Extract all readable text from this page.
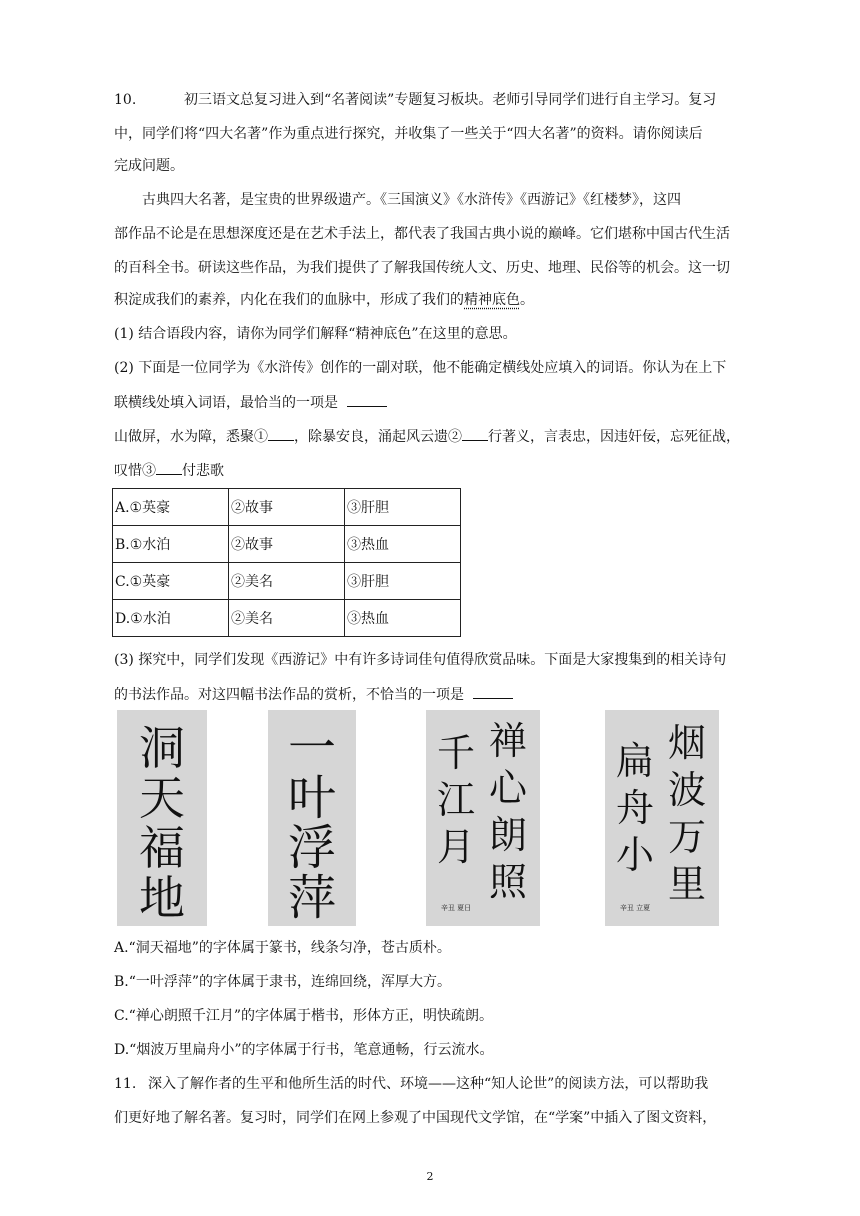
10.	初三语文总复习进入到“名著阅读”专题复习板块。老师引导同学们进行自主学习。复习
中，同学们将“四大名著”作为重点进行探究，并收集了一些关于“四大名著”的资料。请你阅读后
完成问题。
古典四大名著，是宝贵的世界级遗产。《三国演义》《水浒传》《西游记》《红楼梦》，这四
部作品不论是在思想深度还是在艺术手法上，都代表了我国古典小说的巅峰。它们堪称中国古代生活
的百科全书。研读这些作品，为我们提供了了解我国传统人文、历史、地理、民俗等的机会。这一切
积淀成我们的素养，内化在我们的血脉中，形成了我们的精神底色。
(1) 结合语段内容，请你为同学们解释“精神底色”在这里的意思。
(2) 下面是一位同学为《水浒传》创作的一副对联，他不能确定横线处应填入的词语。你认为在上下
联横线处填入词语，最恰当的一项是
山做屏，水为障，悉聚① ，除暴安良，涌起风云遗② 行著义，言表忠，因违奸佞，忘死征战，
叹惜③ 付悲歌
A.①英豪	②故事	③肝胆
B.①水泊	②故事	③热血
C.①英豪	②美名	③肝胆
D.①水泊	②美名	③热血
(3) 探究中，同学们发现《西游记》中有许多诗词佳句值得欣赏品味。下面是大家搜集到的相关诗句
的书法作品。对这四幅书法作品的赏析，不恰当的一项是
洞
天
福
地
一
叶
浮
萍
禅
心
朗
照
千
江
月
辛丑 夏日
烟
波
万
里
扁
舟
小
辛丑 立夏
A.“洞天福地”的字体属于篆书，线条匀净，苍古质朴。
B.“一叶浮萍”的字体属于隶书，连绵回绕，浑厚大方。
C.“禅心朗照千江月”的字体属于楷书，形体方正，明快疏朗。
D.“烟波万里扁舟小”的字体属于行书，笔意通畅，行云流水。
11. 深入了解作者的生平和他所生活的时代、环境——这种“知人论世”的阅读方法，可以帮助我
们更好地了解名著。复习时，同学们在网上参观了中国现代文学馆，在“学案”中插入了图文资料，
2
